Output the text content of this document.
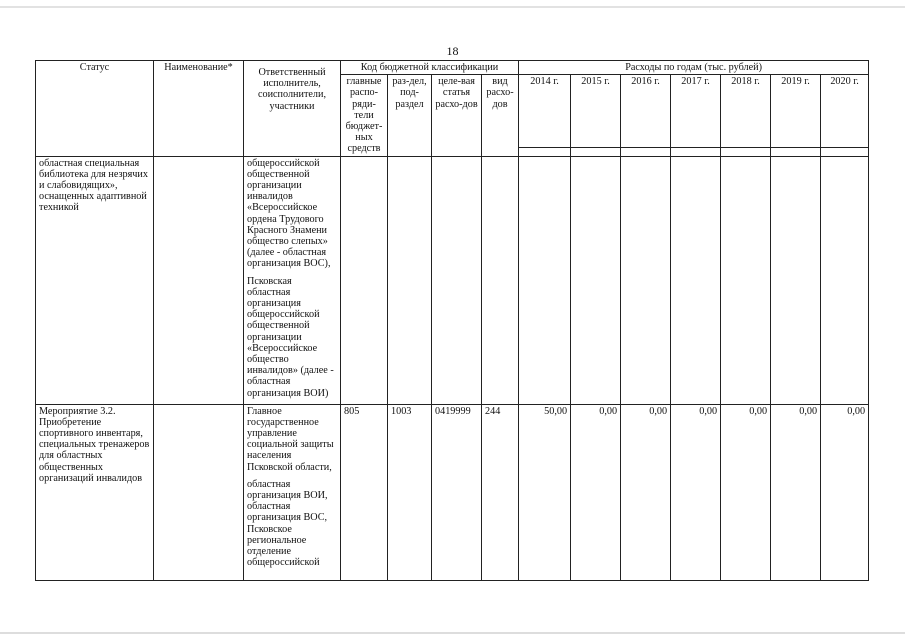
18
Статус	Наименование*	Ответственный исполнитель, соисполнители, участники	Код бюджетной классификации				Расходы по годам (тыс. рублей)						
			главные распо-ряди-тели бюджет-ных средств	раз-дел, под-раздел	целе-вая статья расхо-дов	вид расхо-дов	2014 г.	2015 г.	2016 г.	2017 г.	2018 г.	2019 г.	2020 г.

областная специальная библиотека для незрячих и слабовидящих», оснащенных адаптивной техникой		общероссийской общественной организации инвалидов «Всероссийское ордена Трудового Красного Знамени общество слепых» (далее - областная организация ВОС),
Псковская областная организация общероссийской общественной организации «Всероссийское общество инвалидов» (далее - областная организация ВОИ)											
Мероприятие 3.2. Приобретение спортивного инвентаря, специальных тренажеров для областных общественных организаций инвалидов		Главное государственное управление социальной защиты населения Псковской области,
областная организация ВОИ, областная организация ВОС, Псковское региональное отделение общероссийской	805	1003	0419999	244	50,00	0,00	0,00	0,00	0,00	0,00	0,00
